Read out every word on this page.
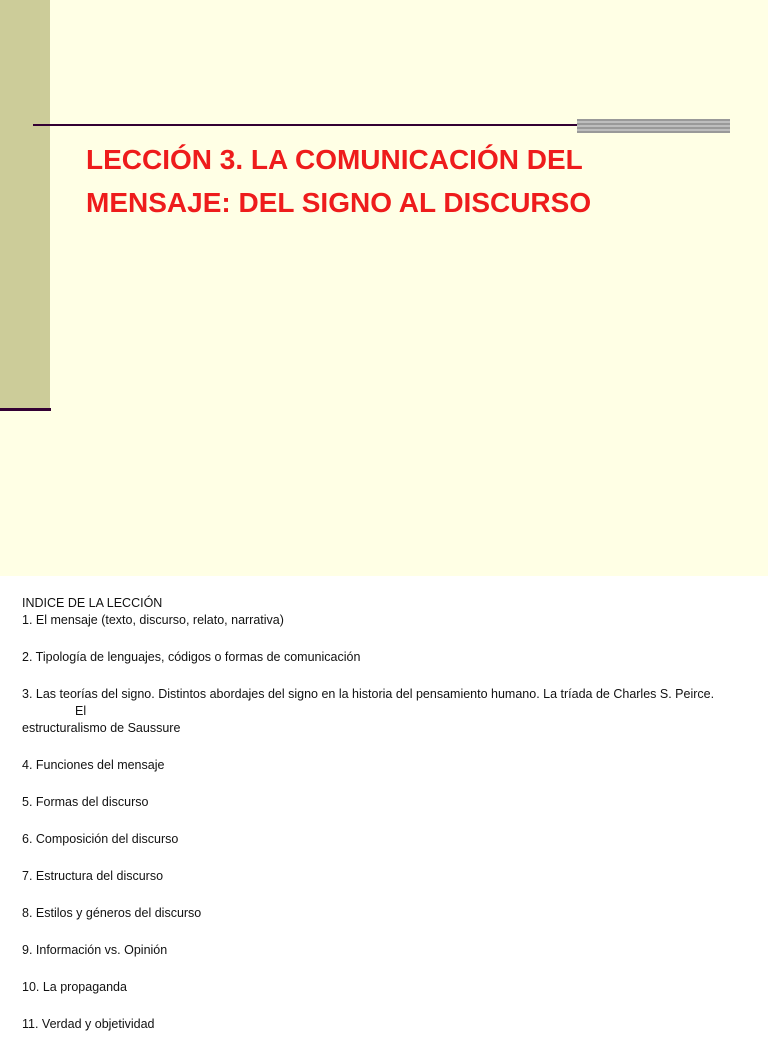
LECCIÓN 3. LA COMUNICACIÓN DEL
MENSAJE: DEL SIGNO AL DISCURSO
INDICE DE LA LECCIÓN
1. El mensaje (texto, discurso, relato, narrativa)
2. Tipología de lenguajes, códigos o formas de comunicación
3. Las teorías del signo. Distintos abordajes del signo en la historia del pensamiento humano. La tríada de Charles S. Peirce.
El
estructuralismo de Saussure
4. Funciones del mensaje
5. Formas del discurso
6. Composición del discurso
7. Estructura del discurso
8. Estilos y géneros del discurso
9. Información vs. Opinión
10. La propaganda
11. Verdad y objetividad
